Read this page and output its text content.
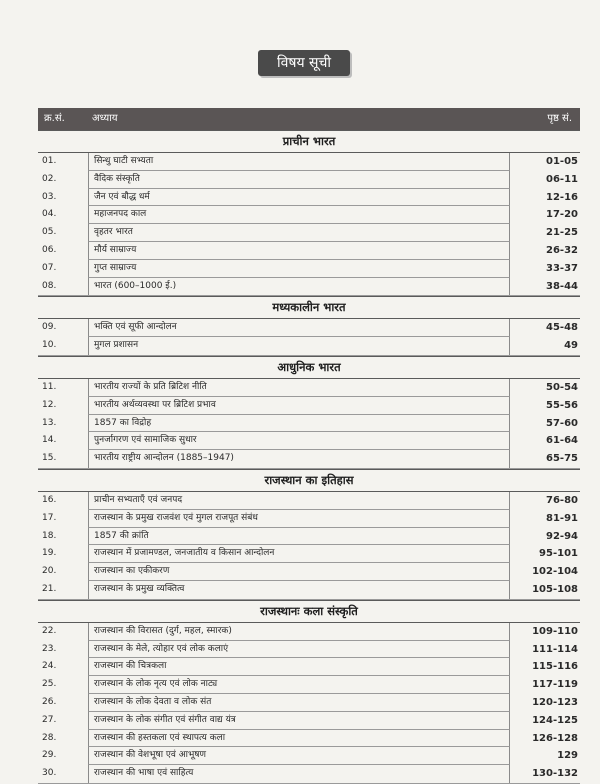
विषय सूची
क्र.सं.	अध्याय	पृष्ठ सं.
प्राचीन भारत
01.	सिन्धु घाटी सभ्यता	01-05
02.	वैदिक संस्कृति	06-11
03.	जैन एवं बौद्ध धर्म	12-16
04.	महाजनपद काल	17-20
05.	वृहतर भारत	21-25
06.	मौर्य साम्राज्य	26-32
07.	गुप्त साम्राज्य	33-37
08.	भारत (600–1000 ई.)	38-44
मध्यकालीन भारत
09.	भक्ति एवं सूफी आन्दोलन	45-48
10.	मुगल प्रशासन	49
आधुनिक भारत
11.	भारतीय राज्यों के प्रति ब्रिटिश नीति	50-54
12.	भारतीय अर्थव्यवस्था पर ब्रिटिश प्रभाव	55-56
13.	1857 का विद्रोह	57-60
14.	पुनर्जागरण एवं सामाजिक सुधार	61-64
15.	भारतीय राष्ट्रीय आन्दोलन (1885–1947)	65-75
राजस्थान का इतिहास
16.	प्राचीन सभ्यताएँ एवं जनपद	76-80
17.	राजस्थान के प्रमुख राजवंश एवं मुगल राजपूत संबंध	81-91
18.	1857 की क्रांति	92-94
19.	राजस्थान में प्रजामण्डल, जनजातीय व किसान आन्दोलन	95-101
20.	राजस्थान का एकीकरण	102-104
21.	राजस्थान के प्रमुख व्यक्तित्व	105-108
राजस्थानः कला संस्कृति
22.	राजस्थान की विरासत (दुर्ग, महल, स्मारक)	109-110
23.	राजस्थान के मेले, त्योहार एवं लोक कलाएं	111-114
24.	राजस्थान की चित्रकला	115-116
25.	राजस्थान के लोक नृत्य एवं लोक नाट्य	117-119
26.	राजस्थान के लोक देवता व लोक संत	120-123
27.	राजस्थान के लोक संगीत एवं संगीत वाद्य यंत्र	124-125
28.	राजस्थान की हस्तकला एवं स्थापत्य कला	126-128
29.	राजस्थान की वेशभूषा एवं आभूषण	129
30.	राजस्थान की भाषा एवं साहित्य	130-132
